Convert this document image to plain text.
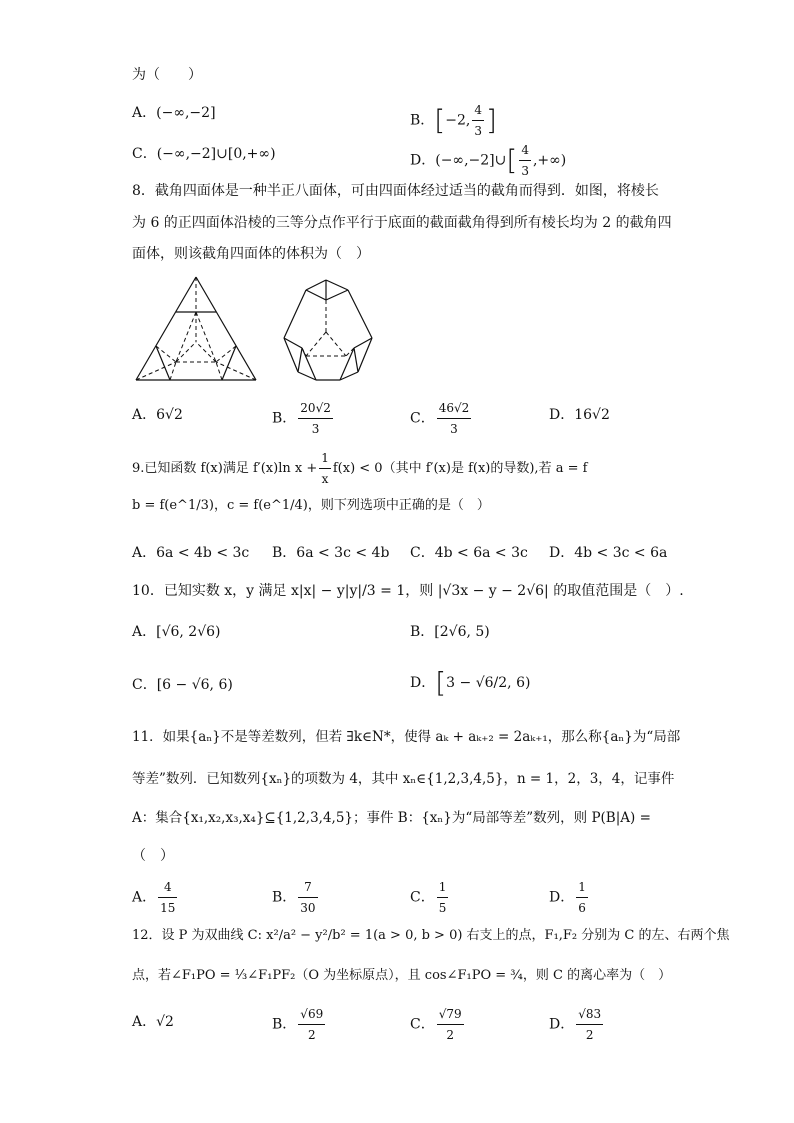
为（　　）
A．(−∞,−2]	B．[−2, $\frac{4}{3}$ ]
C．(−∞,−2]∪[0,+∞)	D．(−∞,−2]∪[ $\frac{4}{3}$ ,+∞)
8．截角四面体是一种半正八面体，可由四面体经过适当的截角而得到．如图，将棱长
为 6 的正四面体沿棱的三等分点作平行于底面的截面截角得到所有棱长均为 2 的截角四
面体，则该截角四面体的体积为（　）
A．6√2	B． $\frac{20√2}{3}$	C． $\frac{46√2}{3}$	D．16√2
9.已知函数 f(x)满足 f′(x)ln $x + \frac{1}{x} f(x) < 0$（其中 f′(x)是 f(x)的导数),若 a = f
b = f(e^1/3)，c = f(e^1/4)，则下列选项中正确的是（　）
A．6a < 4b < 3c B．6a < 3c < 4b C．4b < 6a < 3c D．4b < 3c < 6a
10．已知实数 x，y 满足 x|x| − y|y|/3 = 1，则 |√3x − y − 2√6| 的取值范围是（　）.
A．[√6, 2√6)	B．[2√6, 5)
C．[6 − √6, 6)	D．[3 − √6/2, 6)
11．如果{aₙ}不是等差数列，但若 ∃k∈N*，使得 aₖ + aₖ₊₂ = 2aₖ₊₁，那么称{aₙ}为“局部
等差”数列．已知数列{xₙ}的项数为 4，其中 xₙ∈{1,2,3,4,5}，n = 1，2，3，4，记事件
A：集合{x₁,x₂,x₃,x₄}⊆{1,2,3,4,5}；事件 B：{xₙ}为“局部等差”数列，则 P(B|A) =
（　）
A． $\frac{4}{15}$	B． $\frac{7}{30}$	C． $\frac{1}{5}$	D． $\frac{1}{6}$
12．设 P 为双曲线 C: x²/a² − y²/b² = 1(a > 0, b > 0) 右支上的点，F₁,F₂ 分别为 C 的左、右两个焦
点，若∠F₁PO = ⅓∠F₁PF₂（O 为坐标原点），且 cos∠F₁PO = ¾，则 C 的离心率为（　）
A．√2	B． $\frac{√69}{2}$	C． $\frac{√79}{2}$	D． $\frac{√83}{2}$
